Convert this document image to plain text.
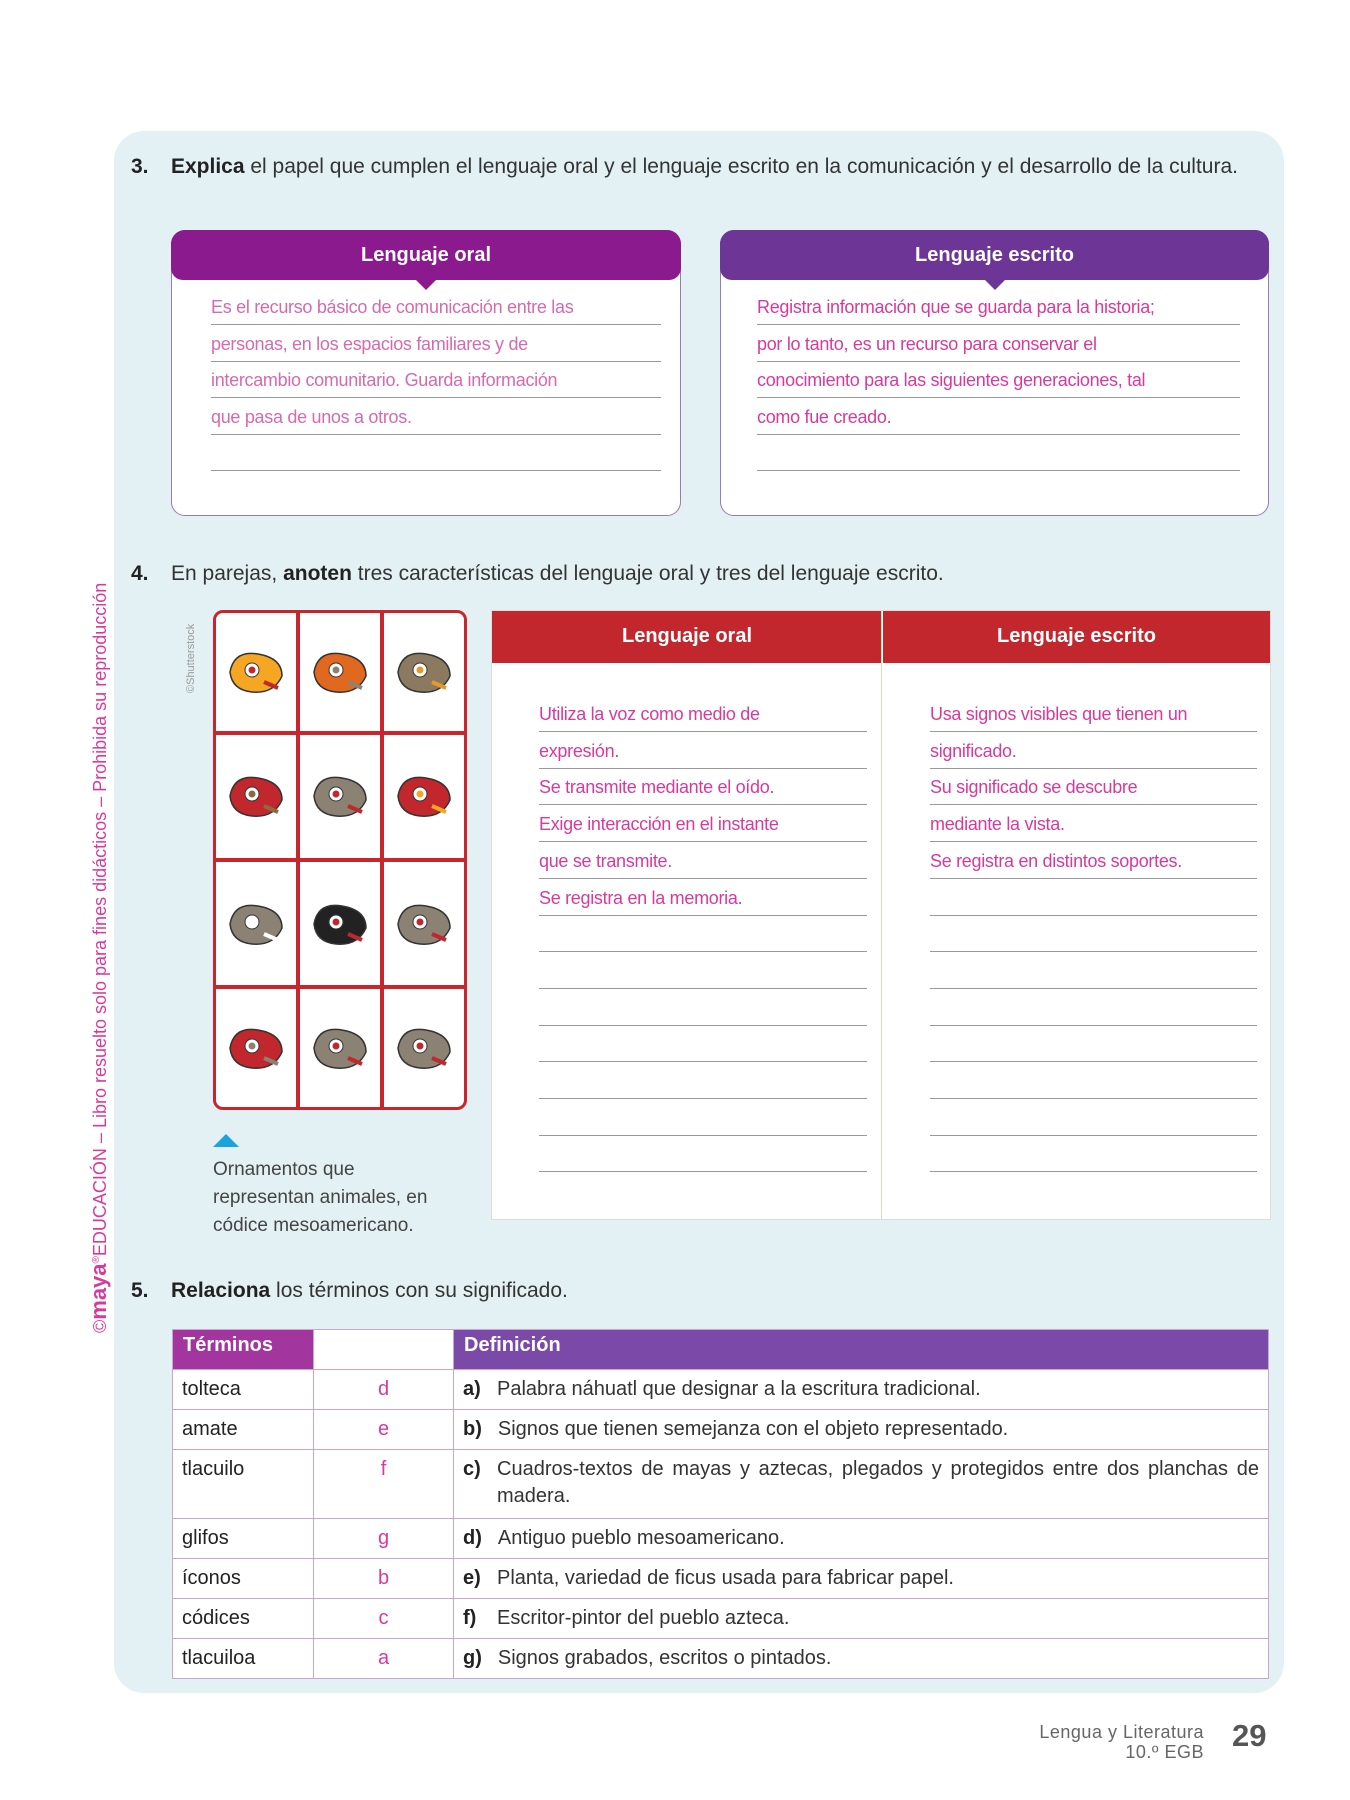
©maya®EDUCACIÓN – Libro resuelto solo para fines didácticos – Prohibida su reproducción
3. Explica el papel que cumplen el lenguaje oral y el lenguaje escrito en la comunicación y el desarrollo de la cultura.
Lenguaje oral	Lenguaje escrito
Es el recurso básico de comunicación entre las
personas, en los espacios familiares y de
intercambio comunitario. Guarda información
que pasa de unos a otros.
Registra información que se guarda para la historia;
por lo tanto, es un recurso para conservar el
conocimiento para las siguientes generaciones, tal
como fue creado.
4. En parejas, anoten tres características del lenguaje oral y tres del lenguaje escrito.
©Shutterstock
Ornamentos que
representan animales, en
códice mesoamericano.
Lenguaje oral	Lenguaje escrito
Utiliza la voz como medio de
expresión.
Se transmite mediante el oído.
Exige interacción en el instante
que se transmite.
Se registra en la memoria.
Usa signos visibles que tienen un
significado.
Su significado se descubre
mediante la vista.
Se registra en distintos soportes.
5. Relaciona los términos con su significado.
Términos		Definición
tolteca	d	a) Palabra náhuatl que designar a la escritura tradicional.

amate	e	b) Signos que tienen semejanza con el objeto representado.

tlacuilo	f	c) Cuadros-textos de mayas y aztecas, plegados y protegidos entre dos planchas de madera.

glifos	g	d) Antiguo pueblo mesoamericano.

íconos	b	e) Planta, variedad de ficus usada para fabricar papel.

códices	c	f) Escritor-pintor del pueblo azteca.

tlacuiloa	a	g) Signos grabados, escritos o pintados.
Lengua y Literatura
10.º EGB 29
